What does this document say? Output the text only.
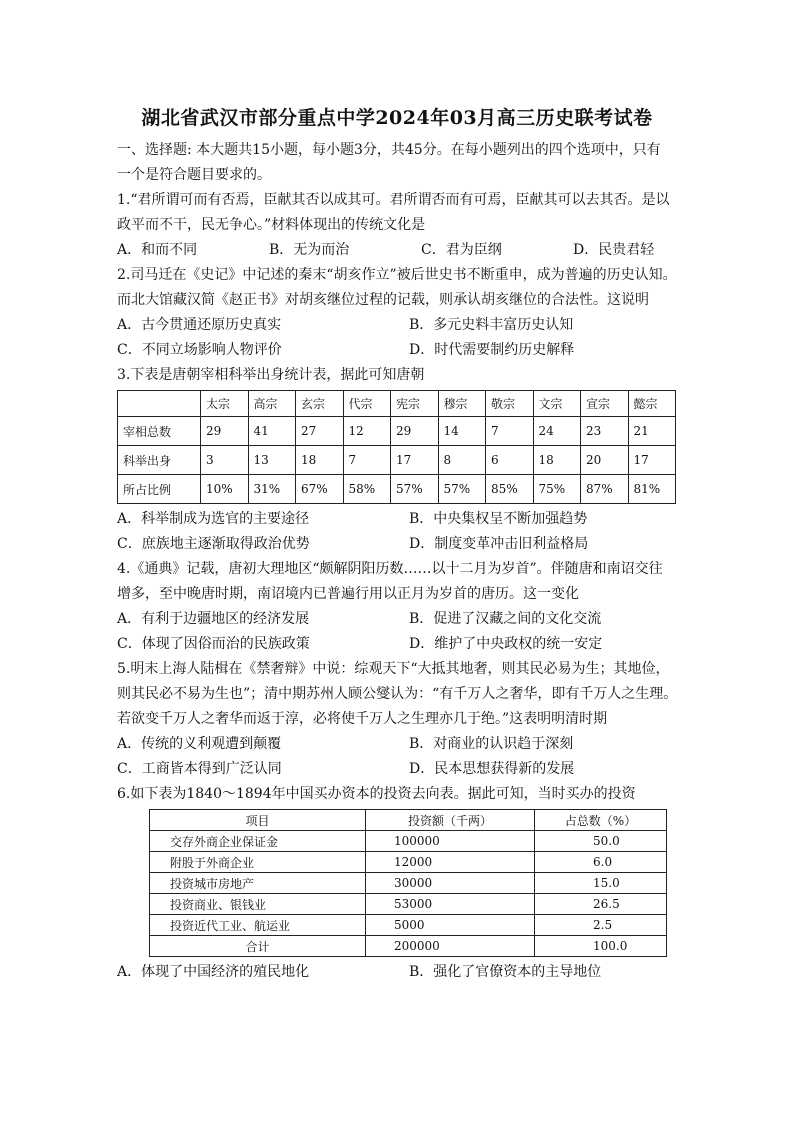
湖北省武汉市部分重点中学2024年03月高三历史联考试卷
一、选择题: 本大题共15小题，每小题3分，共45分。在每小题列出的四个选项中，只有
一个是符合题目要求的。
1.“君所谓可而有否焉，臣献其否以成其可。君所谓否而有可焉，臣献其可以去其否。是以
政平而不干，民无争心。”材料体现出的传统文化是
A．和而不同	B．无为而治	C．君为臣纲	D．民贵君轻
2.司马迁在《史记》中记述的秦末“胡亥作立”被后世史书不断重申，成为普遍的历史认知。
而北大馆藏汉简《赵正书》对胡亥继位过程的记载，则承认胡亥继位的合法性。这说明
A．古今贯通还原历史真实	B．多元史料丰富历史认知
C．不同立场影响人物评价	D．时代需要制约历史解释
3.下表是唐朝宰相科举出身统计表，据此可知唐朝
	太宗	高宗	玄宗	代宗	宪宗	穆宗	敬宗	文宗	宣宗	懿宗
宰相总数	29	41	27	12	29	14	7	24	23	21
科举出身	3	13	18	7	17	8	6	18	20	17
所占比例	10%	31%	67%	58%	57%	57%	85%	75%	87%	81%
A．科举制成为选官的主要途径	B．中央集权呈不断加强趋势
C．庶族地主逐渐取得政治优势	D．制度变革冲击旧利益格局
4.《通典》记载，唐初大理地区“颇解阴阳历数……以十二月为岁首”。伴随唐和南诏交往
增多，至中晚唐时期，南诏境内已普遍行用以正月为岁首的唐历。这一变化
A．有利于边疆地区的经济发展	B．促进了汉藏之间的文化交流
C．体现了因俗而治的民族政策	D．维护了中央政权的统一安定
5.明末上海人陆楫在《禁奢辩》中说：综观天下“大抵其地奢，则其民必易为生；其地俭，
则其民必不易为生也”；清中期苏州人顾公燮认为：“有千万人之奢华，即有千万人之生理。
若欲变千万人之奢华而返于淳，必将使千万人之生理亦几于绝。”这表明明清时期
A．传统的义利观遭到颠覆	B．对商业的认识趋于深刻
C．工商皆本得到广泛认同	D．民本思想获得新的发展
6.如下表为1840～1894年中国买办资本的投资去向表。据此可知，当时买办的投资
项目	投资额（千两）	占总数（%）
交存外商企业保证金	100000	50.0
附股于外商企业	12000	6.0
投资城市房地产	30000	15.0
投资商业、银钱业	53000	26.5
投资近代工业、航运业	5000	2.5
合计	200000	100.0
A．体现了中国经济的殖民地化	B．强化了官僚资本的主导地位
